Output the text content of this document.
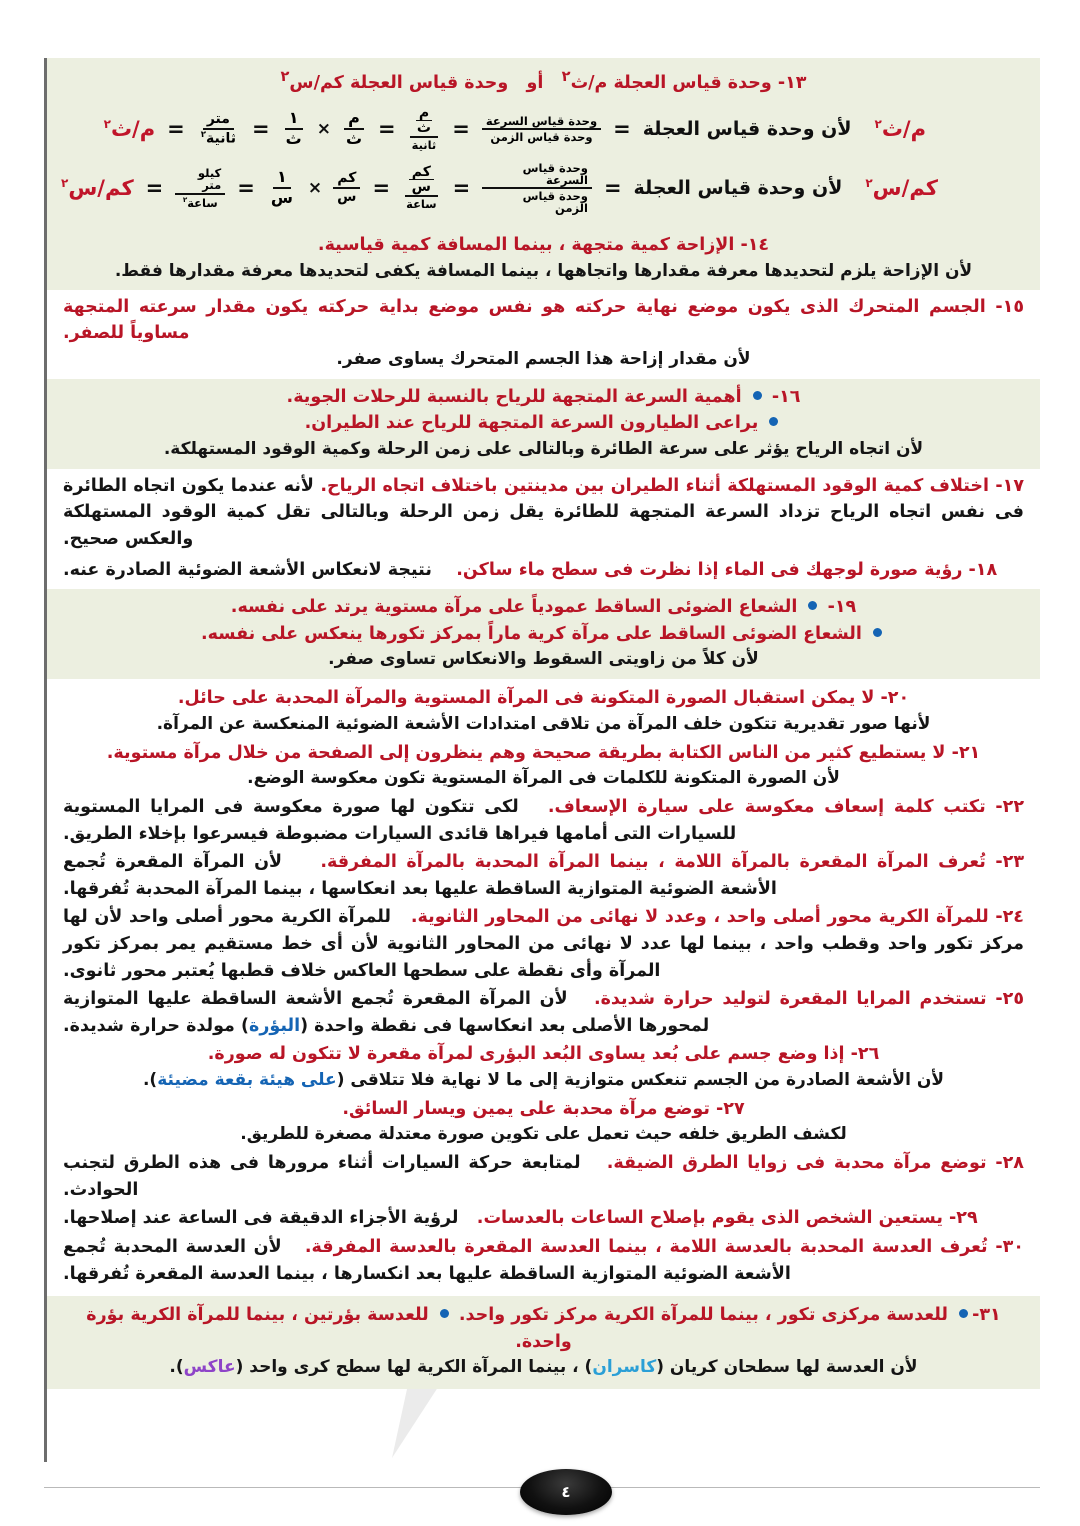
١٣- وحدة قياس العجلة م/ث$^٢$   أو   وحدة قياس العجلة كم/س$^٢$

م/ث$^٢$
لأن وحدة قياس العجلة
=
$\frac{\text{وحدة قياس السرعة}}{\text{وحدة قياس الزمن}}$
=
م
ث
ثانية
=
$\frac{\text{م}}{\text{ث}}$
×
$\frac{١}{\text{ث}}$
=
$\frac{\text{متر}}{ثانية^٢}$
=
م/ث$^٢$
كم/س$^٢$
لأن وحدة قياس العجلة
=
$\frac{\text{وحدة قياس السرعة}}{\text{وحدة قياس الزمن}}$
=
كم
س
ساعة
=
$\frac{\text{كم}}{\text{س}}$
×
$\frac{١}{\text{س}}$
=
$\frac{\text{كيلو متر}}{ساعة^٢}$
=
كم/س$^٢$

١٤- الإزاحة كمية متجهة ، بينما المسافة كمية قياسية.

لأن الإزاحة يلزم لتحديدها معرفة مقدارها واتجاهها ، بينما المسافة يكفى لتحديدها معرفة مقدارها فقط.

١٥- الجسم المتحرك الذى يكون موضع نهاية حركته هو نفس موضع بداية حركته يكون مقدار سرعته المتجهة مساوياً للصفر.

لأن مقدار إزاحة هذا الجسم المتحرك يساوى صفر.

١٦-  أهمية السرعة المتجهة للرياح بالنسبة للرحلات الجوية.

يراعى الطيارون السرعة المتجهة للرياح عند الطيران.

لأن اتجاه الرياح يؤثر على سرعة الطائرة وبالتالى على زمن الرحلة وكمية الوقود المستهلكة.

١٧- اختلاف كمية الوقود المستهلكة أثناء الطيران بين مدينتين باختلاف اتجاه الرياح. لأنه عندما يكون اتجاه الطائرة فى نفس اتجاه الرياح تزداد السرعة المتجهة للطائرة يقل زمن الرحلة وبالتالى تقل كمية الوقود المستهلكة والعكس صحيح.

١٨- رؤية صورة لوجهك فى الماء إذا نظرت فى سطح ماء ساكن.    نتيجة لانعكاس الأشعة الضوئية الصادرة عنه.

١٩-  الشعاع الضوئى الساقط عمودياً على مرآة مستوية يرتد على نفسه.

الشعاع الضوئى الساقط على مرآة كرية ماراً بمركز تكورها ينعكس على نفسه.

لأن كلاً من زاويتى السقوط والانعكاس تساوى صفر.

٢٠- لا يمكن استقبال الصورة المتكونة فى المرآة المستوية والمرآة المحدبة على حائل.

لأنها صور تقديرية تتكون خلف المرآة من تلاقى امتدادات الأشعة الضوئية المنعكسة عن المرآة.

٢١- لا يستطيع كثير من الناس الكتابة بطريقة صحيحة وهم ينظرون إلى الصفحة من خلال مرآة مستوية.

لأن الصورة المتكونة للكلمات فى المرآة المستوية تكون معكوسة الوضع.

٢٢- تكتب كلمة إسعاف معكوسة على سيارة الإسعاف.   لكى تتكون لها صورة معكوسة فى المرايا المستوية للسيارات التى أمامها فيراها قائدى السيارات مضبوطة فيسرعوا بإخلاء الطريق.

٢٣- تُعرف المرآة المقعرة بالمرآة اللامة ، بينما المرآة المحدبة بالمرآة المفرقة.    لأن المرآة المقعرة تُجمع الأشعة الضوئية المتوازية الساقطة عليها بعد انعكاسها ، بينما المرآة المحدبة تُفرقها.

٢٤- للمرآة الكرية محور أصلى واحد ، وعدد لا نهائى من المحاور الثانوية.   للمرآة الكرية محور أصلى واحد لأن لها مركز تكور واحد وقطب واحد ، بينما لها عدد لا نهائى من المحاور الثانوية لأن أى خط مستقيم يمر بمركز تكور المرآة وأى نقطة على سطحها العاكس خلاف قطبها يُعتبر محور ثانوى.

٢٥- تستخدم المرايا المقعرة لتوليد حرارة شديدة.   لأن المرآة المقعرة تُجمع الأشعة الساقطة عليها المتوازية لمحورها الأصلى بعد انعكاسها فى نقطة واحدة (البؤرة) مولدة حرارة شديدة.

٢٦- إذا وضع جسم على بُعد يساوى البُعد البؤرى لمرآة مقعرة لا تتكون له صورة.

لأن الأشعة الصادرة من الجسم تنعكس متوازية إلى ما لا نهاية فلا تتلاقى (على هيئة بقعة مضيئة).

٢٧- توضع مرآة محدبة على يمين ويسار السائق.

لكشف الطريق خلفه حيث تعمل على تكوين صورة معتدلة مصغرة للطريق.

٢٨- توضع مرآة محدبة فى زوايا الطرق الضيقة.   لمتابعة حركة السيارات أثناء مرورها فى هذه الطرق لتجنب الحوادث.

٢٩- يستعين الشخص الذى يقوم بإصلاح الساعات بالعدسات.   لرؤية الأجزاء الدقيقة فى الساعة عند إصلاحها.

٣٠- تُعرف العدسة المحدبة بالعدسة اللامة ، بينما العدسة المقعرة بالعدسة المفرقة.   لأن العدسة المحدبة تُجمع الأشعة الضوئية المتوازية الساقطة عليها بعد انكسارها ، بينما العدسة المقعرة تُفرقها.

٣١- للعدسة مركزى تكور ، بينما للمرآة الكرية مركز تكور واحد.  للعدسة بؤرتين ، بينما للمرآة الكرية بؤرة واحدة.

لأن العدسة لها سطحان كريان (كاسران) ، بينما المرآة الكرية لها سطح كرى واحد (عاكس).

٤
